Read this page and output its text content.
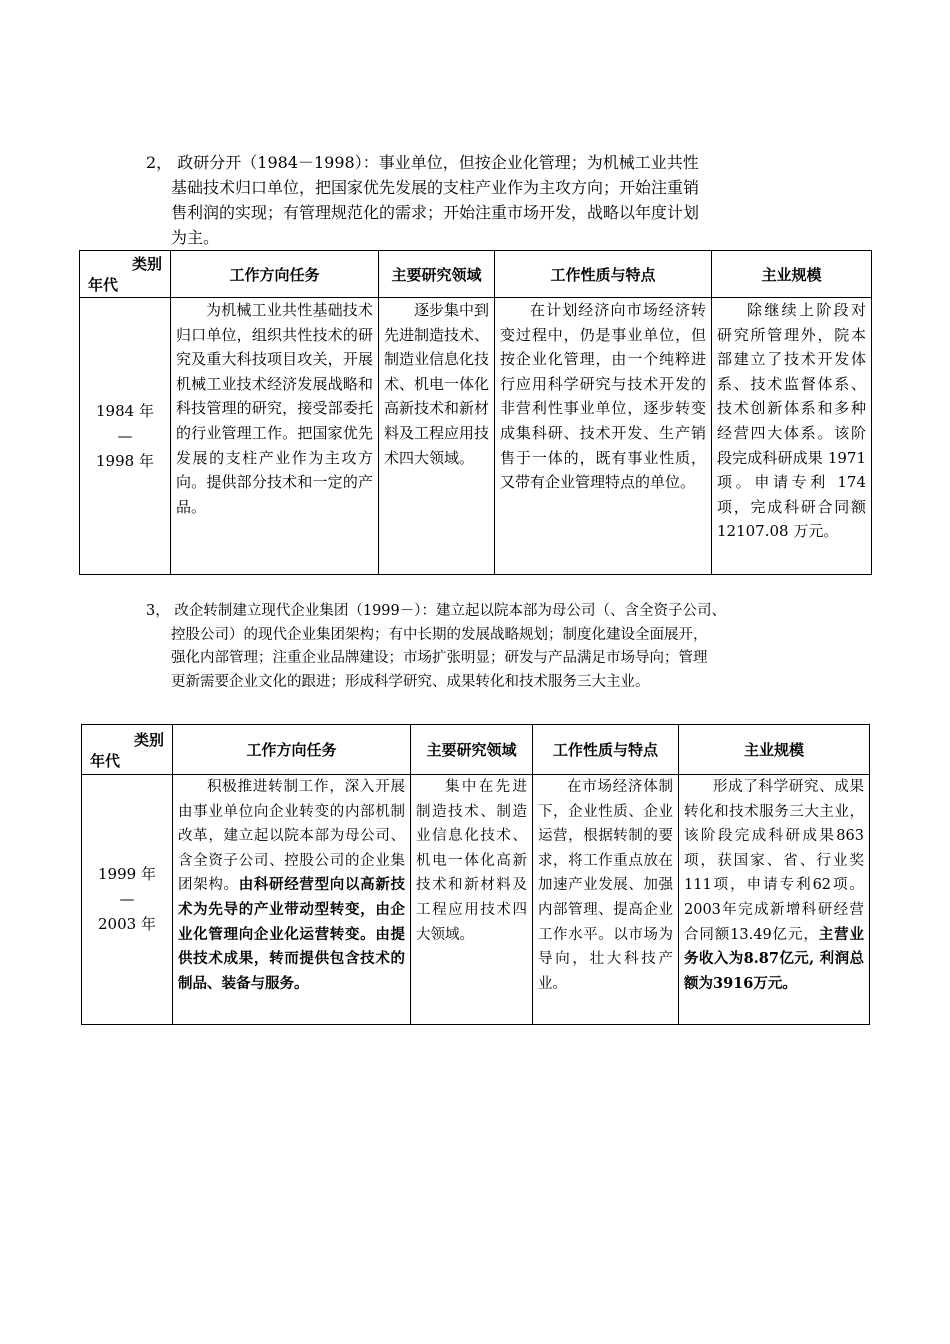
2， 政研分开（1984－1998）：事业单位，但按企业化管理；为机械工业共性
基础技术归口单位，把国家优先发展的支柱产业作为主攻方向；开始注重销
售利润的实现；有管理规范化的需求；开始注重市场开发，战略以年度计划
为主。
类别
年代	工作方向任务	主要研究领域	工作性质与特点	主业规模

1984 年
—
1998 年	为机械工业共性基础技术归口单位，组织共性技术的研究及重大科技项目攻关，开展机械工业技术经济发展战略和科技管理的研究，接受部委托的行业管理工作。把国家优先发展的支柱产业作为主攻方向。提供部分技术和一定的产品。	逐步集中到先进制造技术、制造业信息化技术、机电一体化高新技术和新材料及工程应用技术四大领域。	在计划经济向市场经济转变过程中，仍是事业单位，但按企业化管理，由一个纯粹进行应用科学研究与技术开发的非营利性事业单位，逐步转变成集科研、技术开发、生产销售于一体的，既有事业性质，又带有企业管理特点的单位。	除继续上阶段对研究所管理外，院本部建立了技术开发体系、技术监督体系、技术创新体系和多种经营四大体系。该阶段完成科研成果 1971 项。申请专利 174 项，完成科研合同额 12107.08 万元。

3， 改企转制建立现代企业集团（1999－）：建立起以院本部为母公司（、含全资子公司、
控股公司）的现代企业集团架构；有中长期的发展战略规划；制度化建设全面展开，
强化内部管理；注重企业品牌建设；市场扩张明显；研发与产品满足市场导向；管理
更新需要企业文化的跟进；形成科学研究、成果转化和技术服务三大主业。
类别
年代	工作方向任务	主要研究领域	工作性质与特点	主业规模

1999 年
—
2003 年	积极推进转制工作，深入开展由事业单位向企业转变的内部机制改革，建立起以院本部为母公司、含全资子公司、控股公司的企业集团架构。由科研经营型向以高新技术为先导的产业带动型转变，由企业化管理向企业化运营转变。由提供技术成果，转而提供包含技术的制品、装备与服务。	集中在先进制造技术、制造业信息化技术、机电一体化高新技术和新材料及工程应用技术四大领域。	在市场经济体制下，企业性质、企业运营，根据转制的要求，将工作重点放在加速产业发展、加强内部管理、提高企业工作水平。以市场为导向，壮大科技产业。	形成了科学研究、成果转化和技术服务三大主业，该阶段完成科研成果863项，获国家、省、行业奖111项，申请专利62项。2003年完成新增科研经营合同额13.49亿元，主营业务收入为8.87亿元, 利润总额为3916万元。
